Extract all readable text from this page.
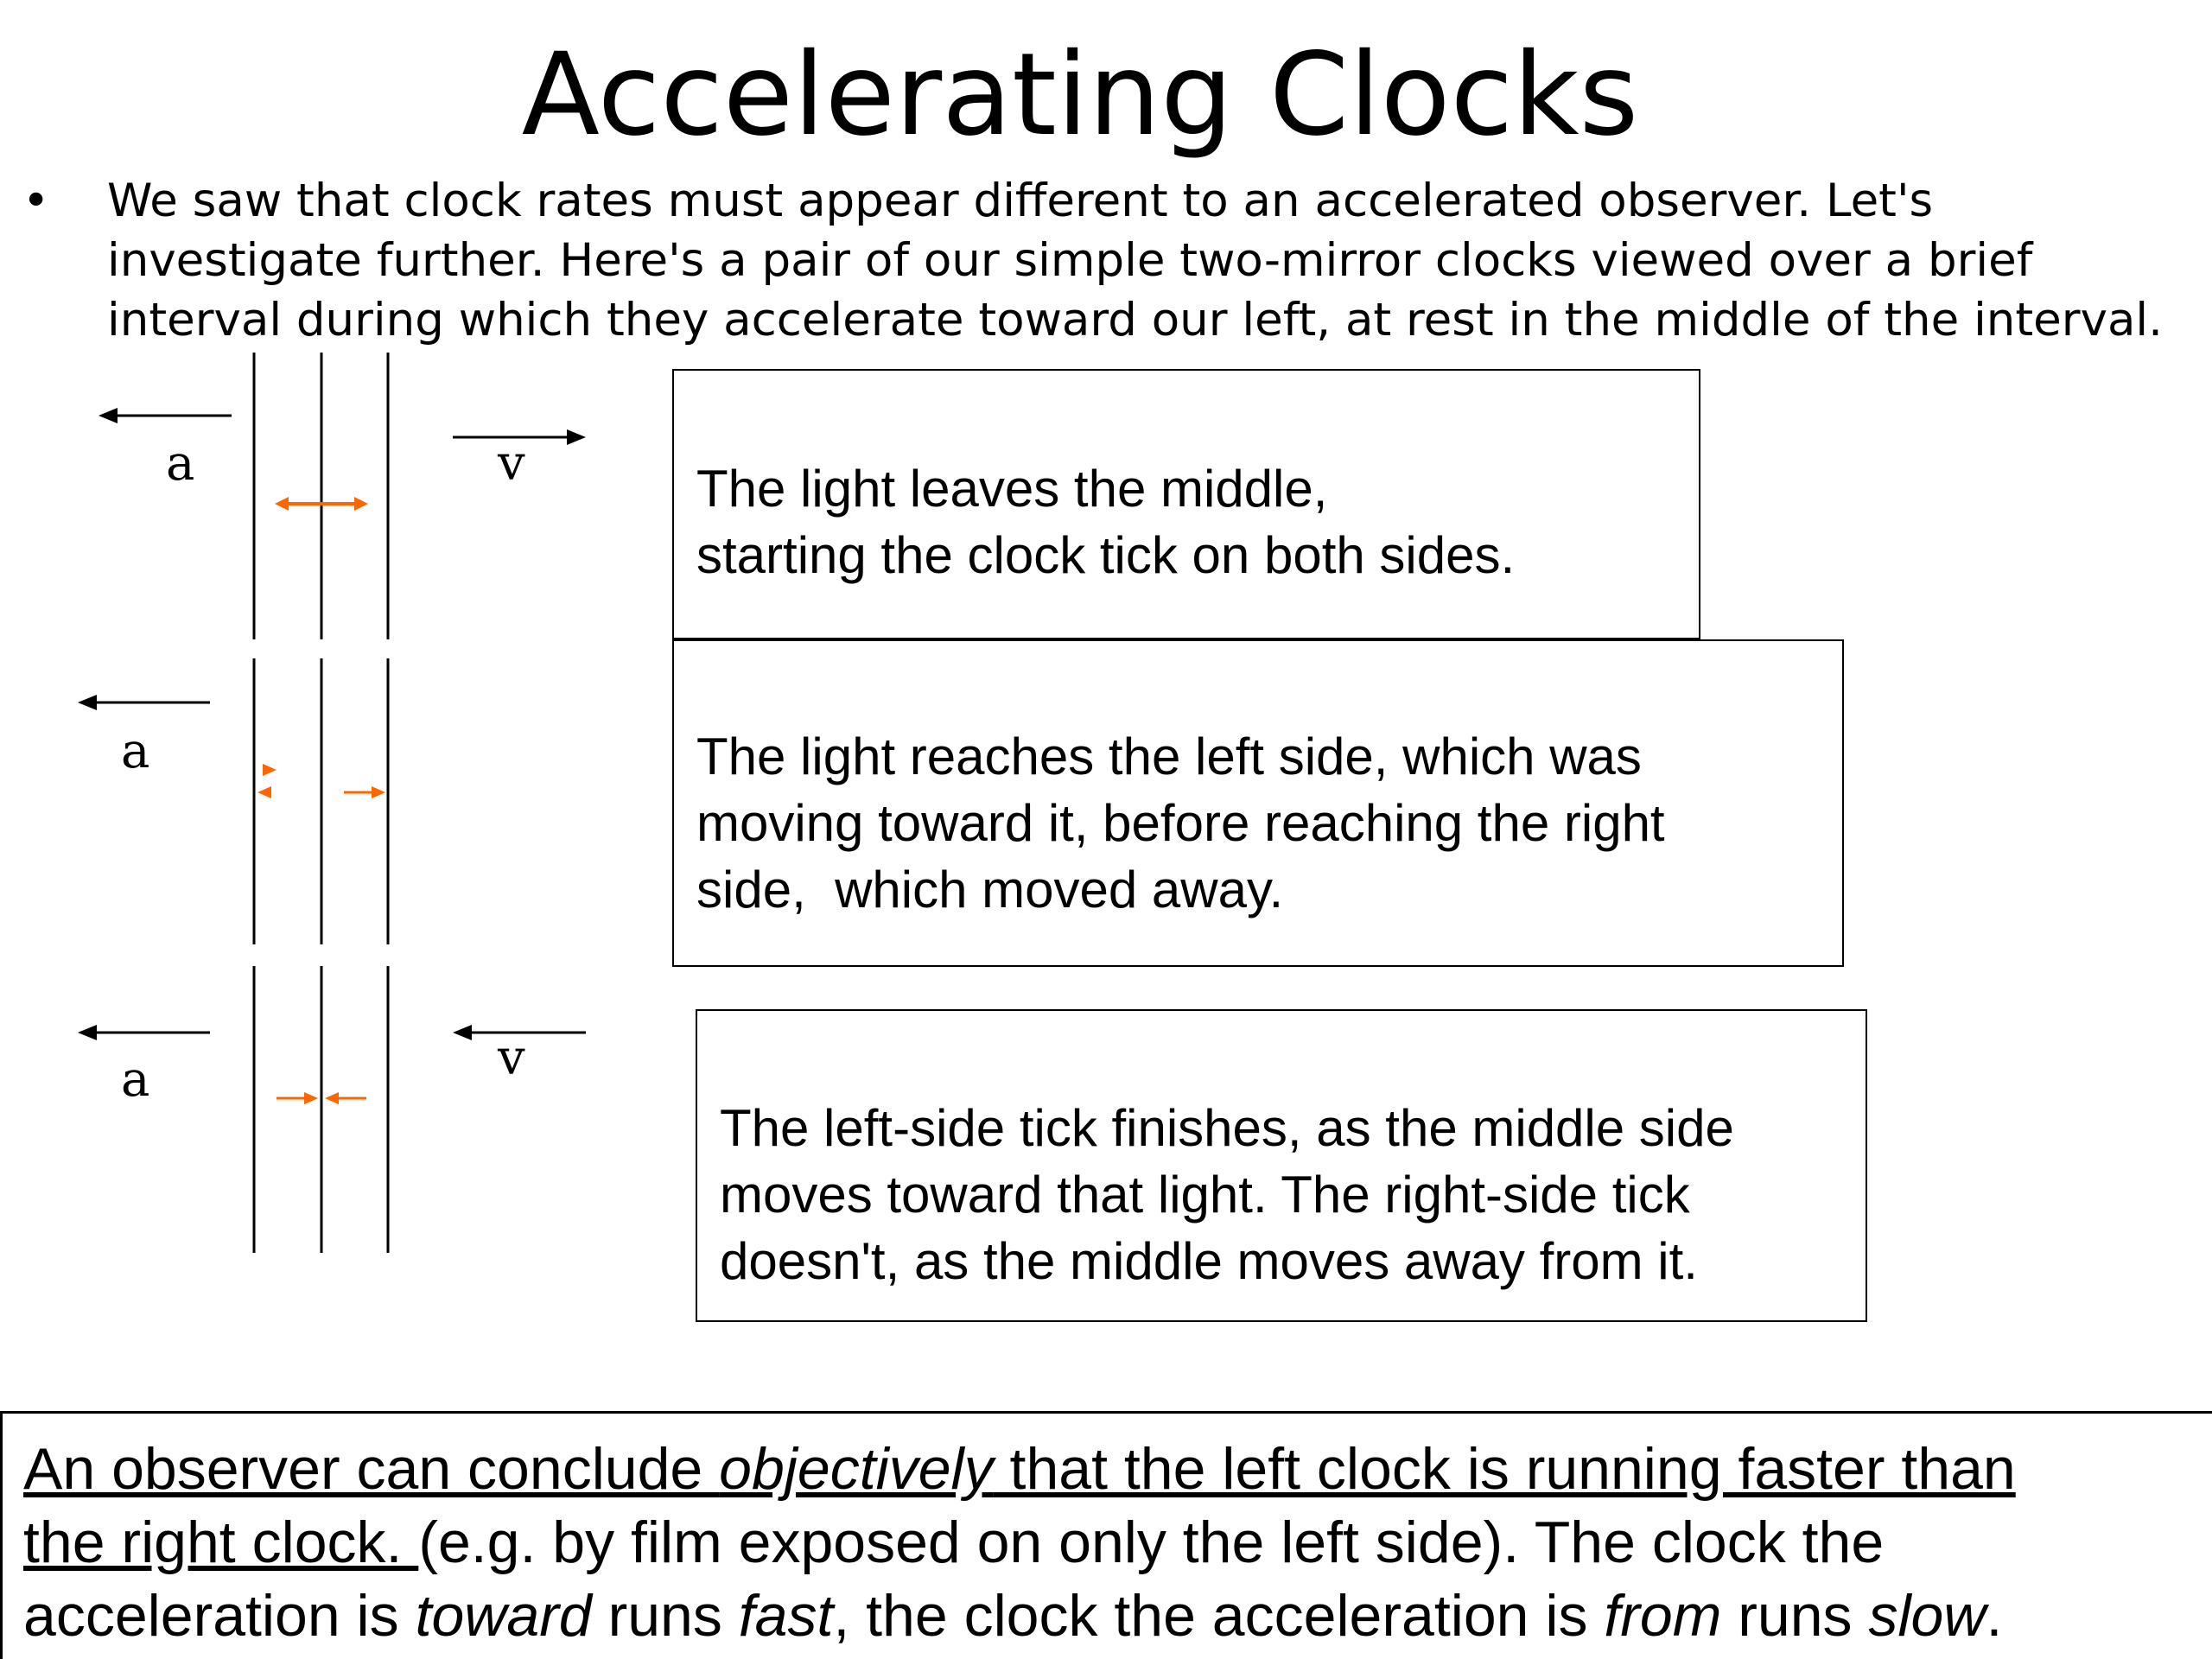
Accelerating Clocks
• We saw that clock rates must appear different to an accelerated observer. Let's investigate further. Here's a pair of our simple two-mirror clocks viewed over a brief interval during which they accelerate toward our left, at rest in the middle of the interval.
a	v
a
a	v
The light leaves the middle,
starting the clock tick on both sides.
The light reaches the left side, which was
moving toward it, before reaching the right
side,  which moved away.
The left-side tick finishes, as the middle side
moves toward that light. The right-side tick
doesn't, as the middle moves away from it.
An observer can conclude objectively that the left clock is running faster than
the right clock. (e.g. by film exposed on only the left side). The clock the
acceleration is toward runs fast, the clock the acceleration is from runs slow.
